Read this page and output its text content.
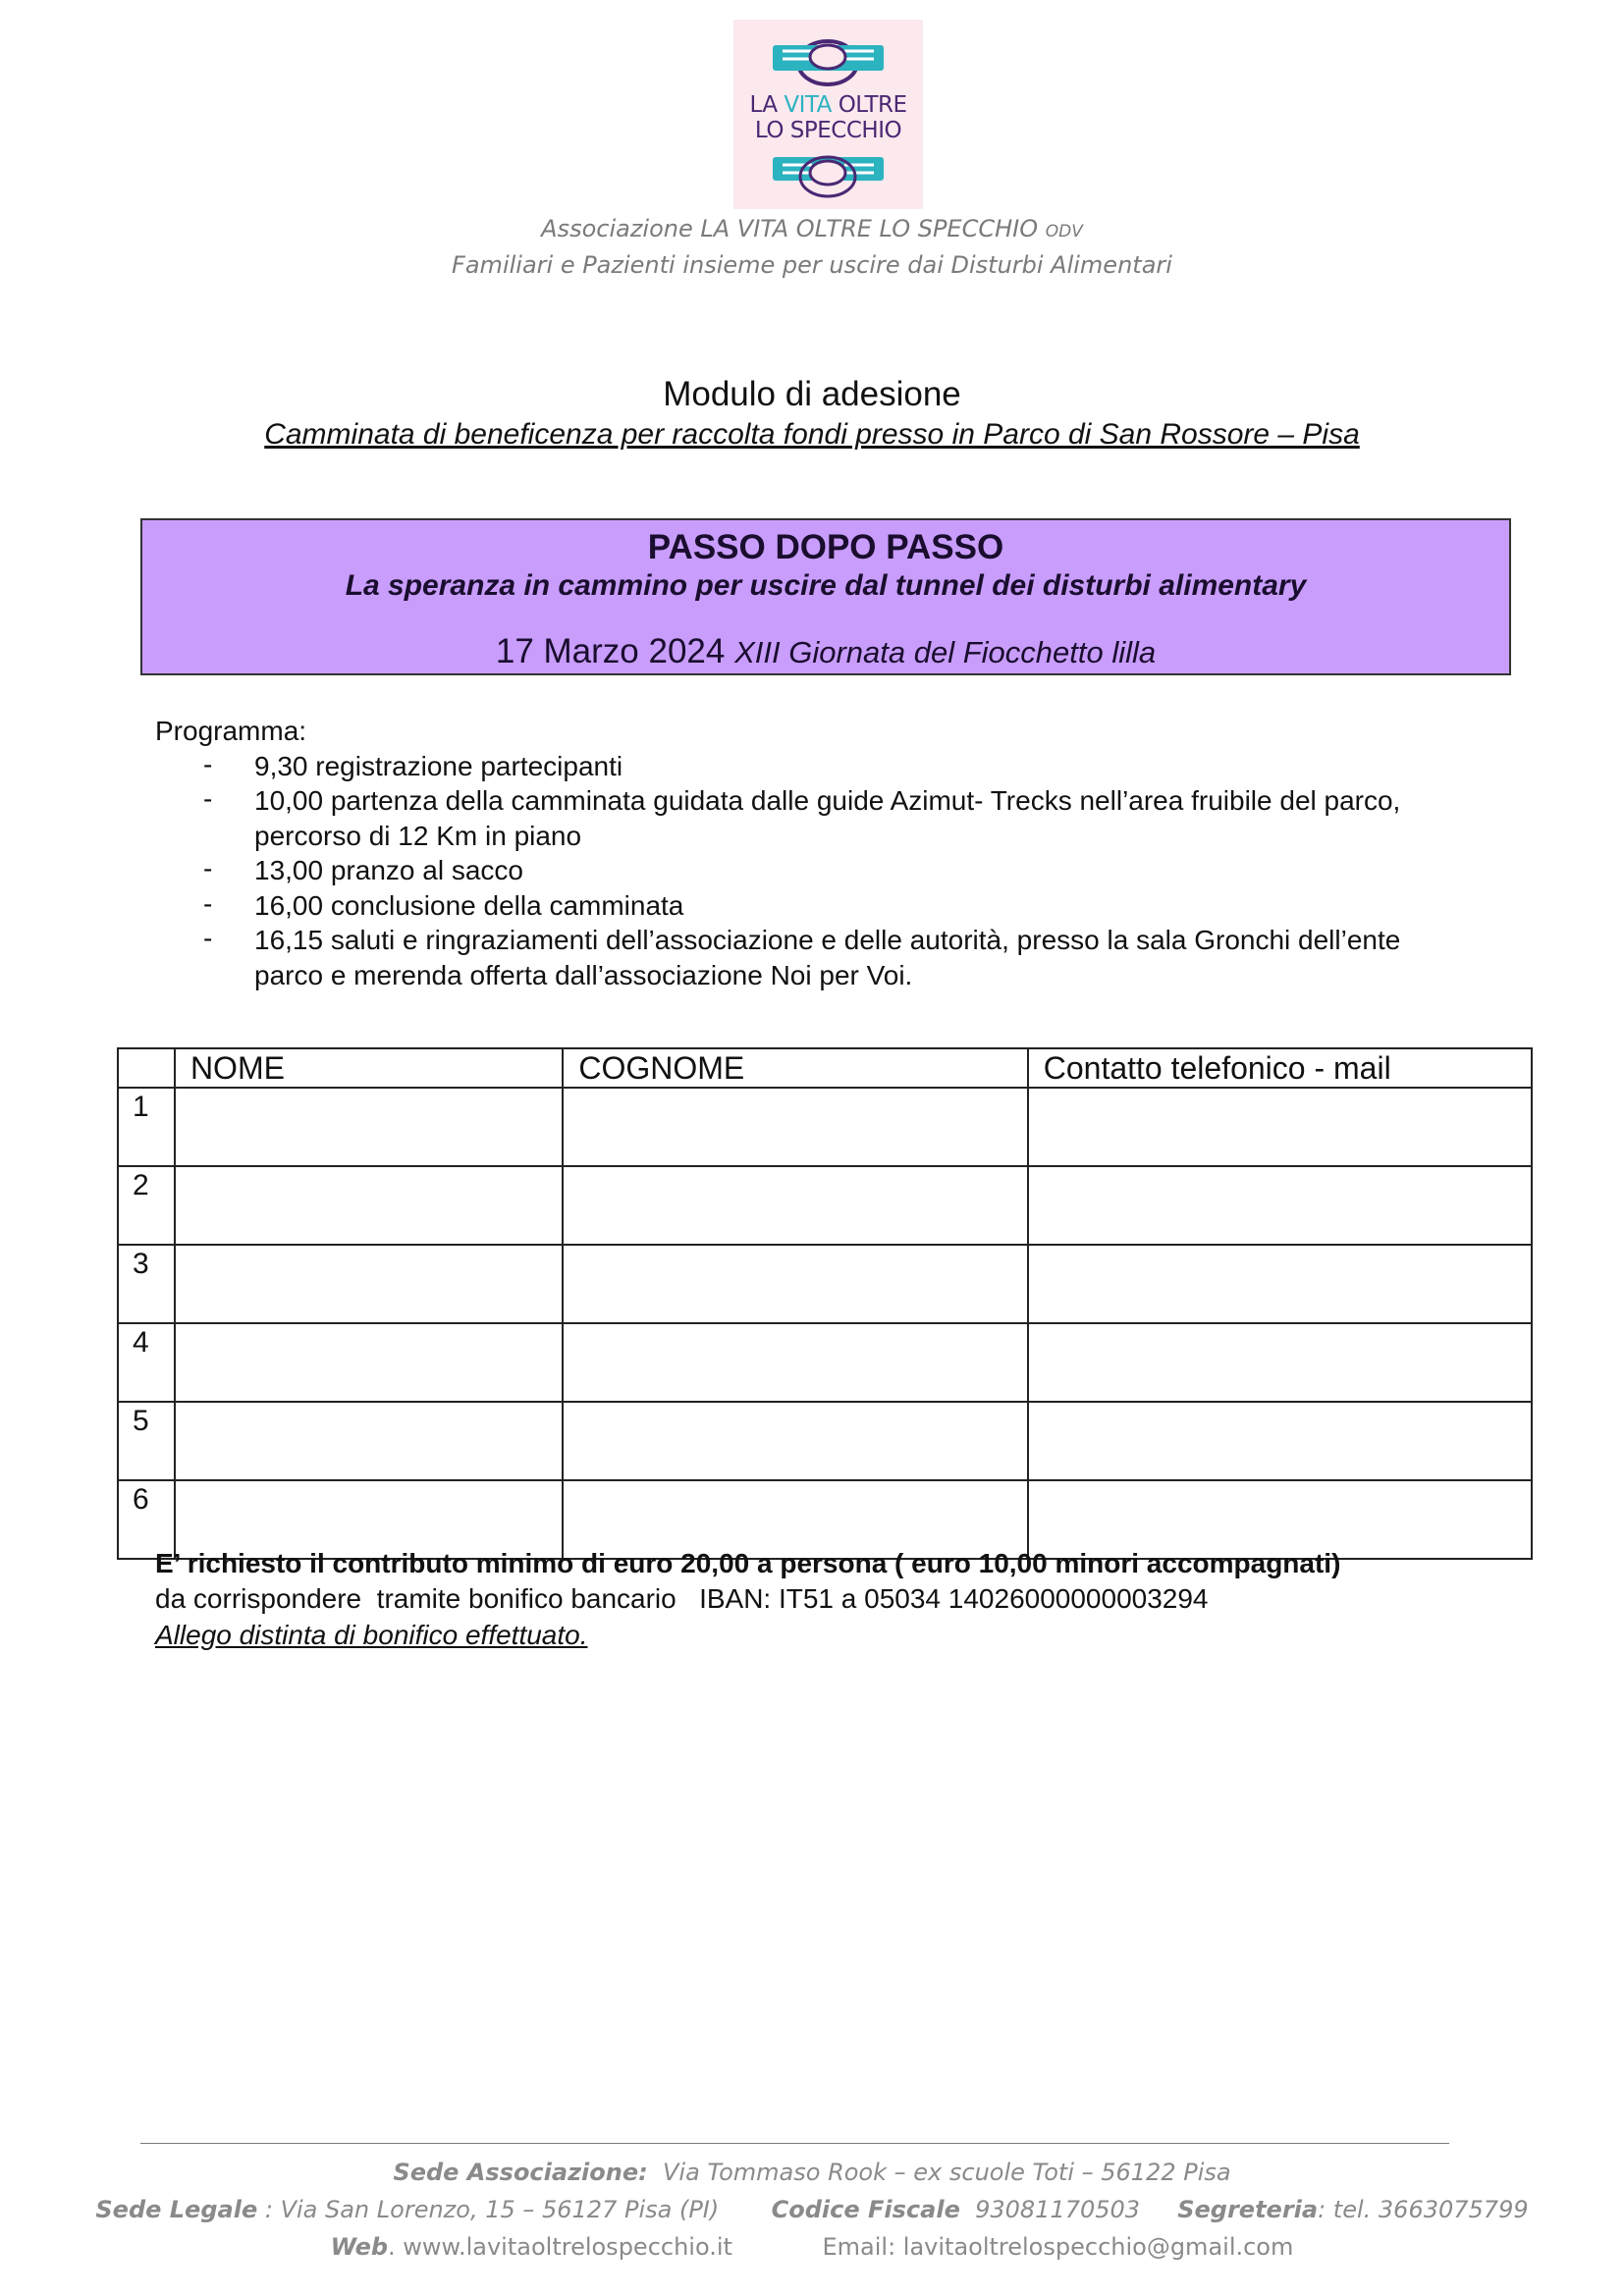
LA VITA OLTRE
LO SPECCHIO
Associazione LA VITA OLTRE LO SPECCHIO ODV
Familiari e Pazienti insieme per uscire dai Disturbi Alimentari
Modulo di adesione
Camminata di beneficenza per raccolta fondi presso in Parco di San Rossore – Pisa
PASSO DOPO PASSO
La speranza in cammino per uscire dal tunnel dei disturbi alimentary
17 Marzo 2024 XIII Giornata del Fiocchetto lilla
Programma:
- 9,30 registrazione partecipanti
- 10,00 partenza della camminata guidata dalle guide Azimut- Trecks nell’area fruibile del parco, percorso di 12 Km in piano
- 13,00 pranzo al sacco
- 16,00 conclusione della camminata
- 16,15 saluti e ringraziamenti dell’associazione e delle autorità, presso la sala Gronchi dell’ente parco e merenda offerta dall’associazione Noi per Voi.
	NOME	COGNOME	Contatto telefonico - mail
1			
2			
3			
4			
5			
6			
E’ richiesto il contributo minimo di euro 20,00 a persona ( euro 10,00 minori accompagnati)
da corrispondere  tramite bonifico bancario   IBAN: IT51 a 05034 14026000000003294
Allego distinta di bonifico effettuato.
Sede Associazione:  Via Tommaso Rook – ex scuole Toti – 56122 Pisa
Sede Legale : Via San Lorenzo, 15 – 56127 Pisa (PI)       Codice Fiscale  93081170503     Segreteria: tel. 3663075799
Web. www.lavitaoltrelospecchio.it	Email: lavitaoltrelospecchio@gmail.com
